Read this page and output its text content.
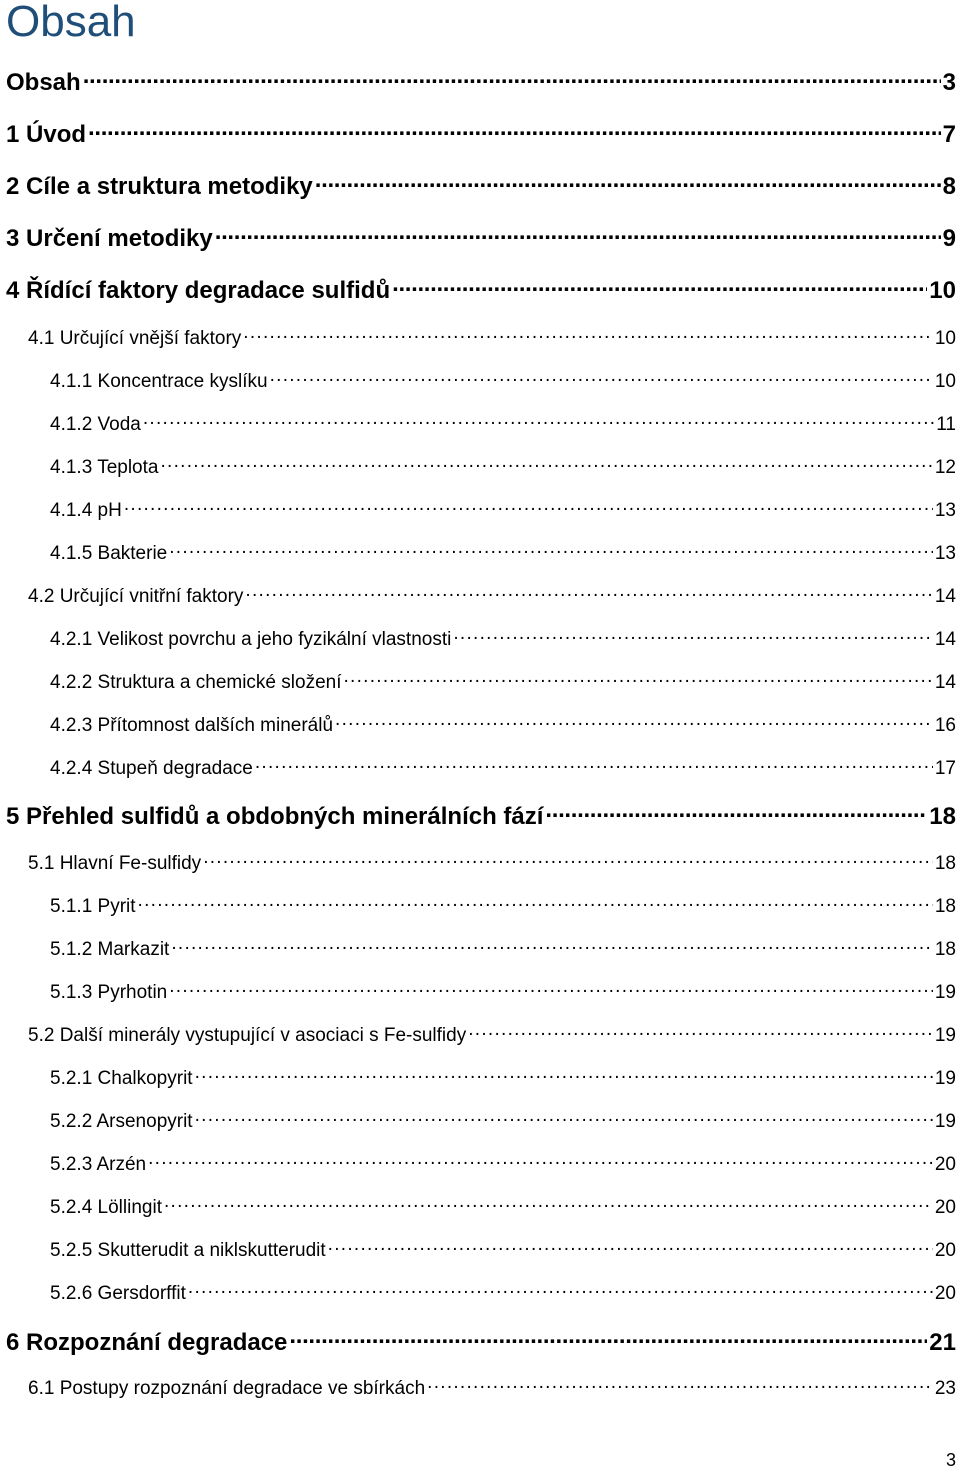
Obsah
Obsah . . .	3
1 Úvod . . .	7
2 Cíle a struktura metodiky . . .	8
3 Určení metodiky . . .	9
4 Řídící faktory degradace sulfidů . . .	10
4.1 Určující vnější faktory . . .	10
4.1.1 Koncentrace kyslíku . . .	10
4.1.2 Voda . . .	11
4.1.3 Teplota . . .	12
4.1.4 pH . . .	13
4.1.5 Bakterie . . .	13
4.2 Určující vnitřní faktory . . .	14
4.2.1 Velikost povrchu a jeho fyzikální vlastnosti . . .	14
4.2.2 Struktura a chemické složení . . .	14
4.2.3 Přítomnost dalších minerálů . . .	16
4.2.4 Stupeň degradace . . .	17
5 Přehled sulfidů a obdobných minerálních fází . . .	18
5.1 Hlavní Fe-sulfidy . . .	18
5.1.1 Pyrit . . .	18
5.1.2 Markazit . . .	18
5.1.3 Pyrhotin . . .	19
5.2 Další minerály vystupující v asociaci s Fe-sulfidy . . .	19
5.2.1 Chalkopyrit . . .	19
5.2.2 Arsenopyrit . . .	19
5.2.3 Arzén . . .	20
5.2.4 Löllingit . . .	20
5.2.5 Skutterudit a niklskutterudit . . .	20
5.2.6 Gersdorffit . . .	20
6 Rozpoznání degradace . . .	21
6.1 Postupy rozpoznání degradace ve sbírkách . . .	23
3
